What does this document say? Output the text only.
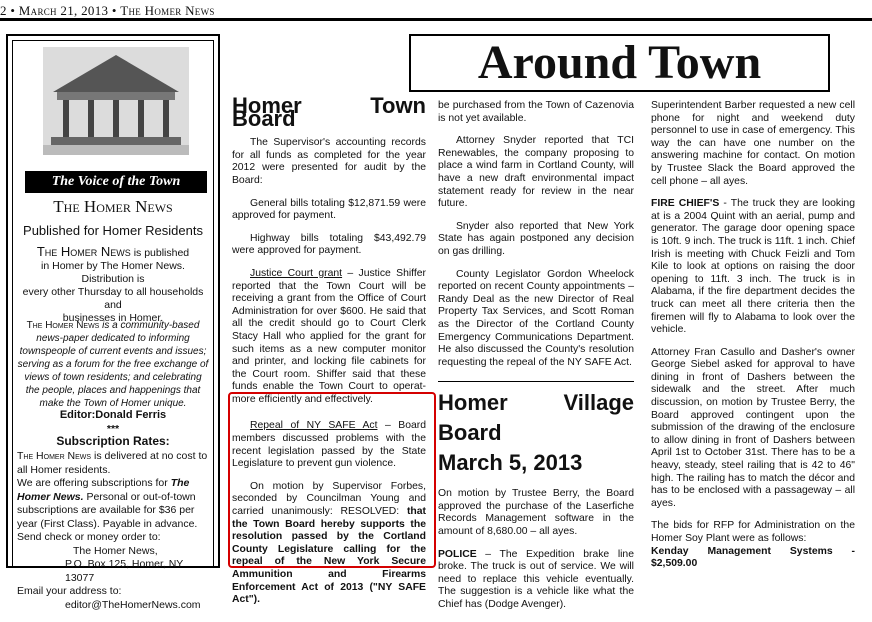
2 • March 21, 2013 • The Homer News
The Voice of the Town
The Homer News
Published for Homer Residents
The Homer News is published
in Homer by The Homer News.
Distribution is
every other Thursday to all households and
businesses in Homer.
The Homer News is a community-based news-paper dedicated to informing townspeople of current events and issues; serving as a forum for the free exchange of views of town residents; and celebrating the people, places and happenings that make the Town of Homer unique.
Editor:Donald Ferris
***
Subscription Rates:
The Homer News is delivered at no cost to all Homer residents.
We are offering subscriptions for The Homer News. Personal or out-of-town subscriptions are available for $36 per year (First Class). Payable in advance. Send check or money order to:
The Homer News,
P.O. Box 125, Homer, NY 13077
Email your address to:
editor@TheHomerNews.com
Around Town
Homer Town Board

The Supervisor's accounting records for all funds as completed for the year 2012 were presented for audit by the Board:

General bills totaling $12,871.59 were approved for payment.

Highway bills totaling $43,492.79 were approved for payment.

Justice Court grant – Justice Shiffer reported that the Town Court will be receiving a grant from the Office of Court Administration for over $600. He said that all the credit should go to Court Clerk Stacy Hall who applied for the grant for such items as a new computer monitor and printer, and locking file cabinets for the Court room. Shiffer said that these funds enable the Town Court to operat-more efficiently and effectively.

Repeal of NY SAFE Act – Board members discussed problems with the recent legislation passed by the State Legislature to prevent gun violence.

On motion by Supervisor Forbes, seconded by Councilman Young and carried unanimously: RESOLVED: that the Town Board hereby supports the resolution passed by the Cortland County Legislature calling for the repeal of the New York Secure Ammunition and Firearms Enforcement Act of 2013 ("NY SAFE Act").

be purchased from the Town of Cazenovia is not yet available.

Attorney Snyder reported that TCI Renewables, the company proposing to place a wind farm in Cortland County, will have a new draft environmental impact statement ready for review in the near future.

Snyder also reported that New York State has again postponed any decision on gas drilling.

County Legislator Gordon Wheelock reported on recent County appointments – Randy Deal as the new Director of Real Property Tax Services, and Scott Roman as the Director of the Cortland County Emergency Communications Department. He also discussed the County's resolution requesting the repeal of the NY SAFE Act.

Homer Village Board
March 5, 2013

On motion by Trustee Berry, the Board approved the purchase of the Laserfiche Records Management software in the amount of 8,680.00 – all ayes.

POLICE – The Expedition brake line broke. The truck is out of service. We will need to replace this vehicle eventually. The suggestion is a vehicle like what the Chief has (Dodge Avenger).

Superintendent Barber requested a new cell phone for night and weekend duty personnel to use in case of emergency. This way the can have one number on the answering machine for contact. On motion by Trustee Slack the Board approved the cell phone – all ayes.

FIRE CHIEF'S - The truck they are looking at is a 2004 Quint with an aerial, pump and generator. The garage door opening space is 10ft. 9 inch. The truck is 11ft. 1 inch. Chief Irish is meeting with Chuck Feizli and Tom Kile to look at options on raising the door opening to 11ft. 3 inch. The truck is in Alabama, if the fire department decides the truck can meet all there criteria then the firemen will fly to Alabama to look over the vehicle.

Attorney Fran Casullo and Dasher's owner George Siebel asked for approval to have dining in front of Dashers between the sidewalk and the street. After much discussion, on motion by Trustee Berry, the Board approved contingent upon the submission of the drawing of the enclosure to allow dining in front of Dashers between April 1st to October 31st. There has to be a heavy, steady, steel railing that is 42 to 46" high. The railing has to match the décor and has to be enclosed with a passageway – all ayes.

The bids for RFP for Administration on the Homer Soy Plant were as follows:

Kenday Management Systems - $2,509.00
